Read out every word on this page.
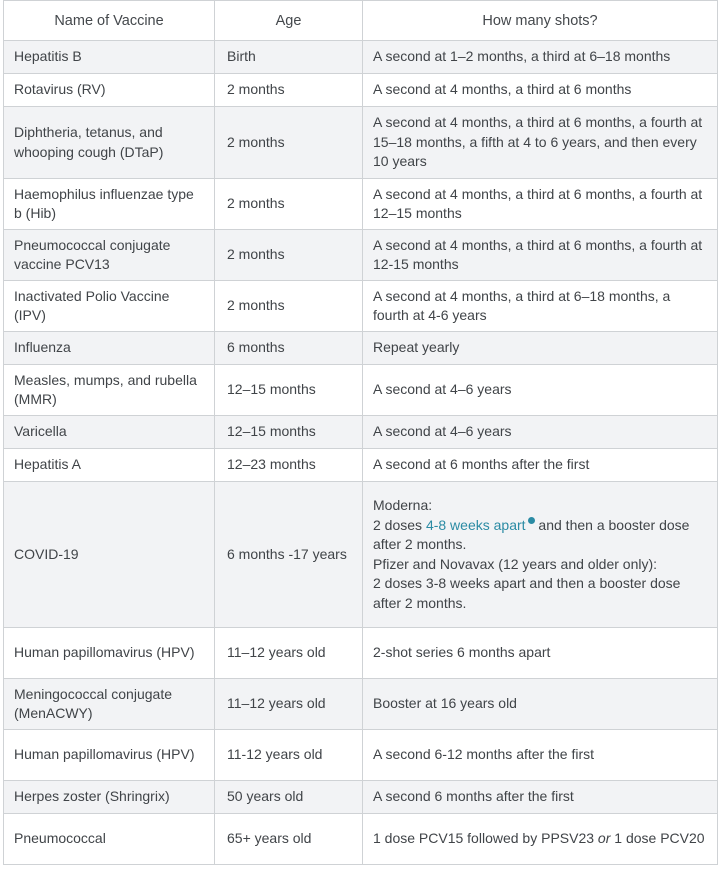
Name of Vaccine	Age	How many shots?
Hepatitis B	Birth	A second at 1–2 months, a third at 6–18 months
Rotavirus (RV)	2 months	A second at 4 months, a third at 6 months
Diphtheria, tetanus, and whooping cough (DTaP)	2 months	A second at 4 months, a third at 6 months, a fourth at 15–18 months, a fifth at 4 to 6 years, and then every 10 years
Haemophilus influenzae type b (Hib)	2 months	A second at 4 months, a third at 6 months, a fourth at 12–15 months
Pneumococcal conjugate vaccine PCV13	2 months	A second at 4 months, a third at 6 months, a fourth at 12-15 months
Inactivated Polio Vaccine (IPV)	2 months	A second at 4 months, a third at 6–18 months, a fourth at 4-6 years
Influenza	6 months	Repeat yearly
Measles, mumps, and rubella (MMR)	12–15 months	A second at 4–6 years
Varicella	12–15 months	A second at 4–6 years
Hepatitis A	12–23 months	A second at 6 months after the first
COVID-19	6 months -17 years	Moderna:
2 doses 4-8 weeks apart and then a booster dose after 2 months.
Pfizer and Novavax (12 years and older only):
2 doses 3-8 weeks apart and then a booster dose after 2 months.

Human papillomavirus (HPV)	11–12 years old	2-shot series 6 months apart
Meningococcal conjugate (MenACWY)	11–12 years old	Booster at 16 years old
Human papillomavirus (HPV)	11-12 years old	A second 6-12 months after the first
Herpes zoster (Shringrix)	50 years old	A second 6 months after the first
Pneumococcal	65+ years old	1 dose PCV15 followed by PPSV23 or 1 dose PCV20
